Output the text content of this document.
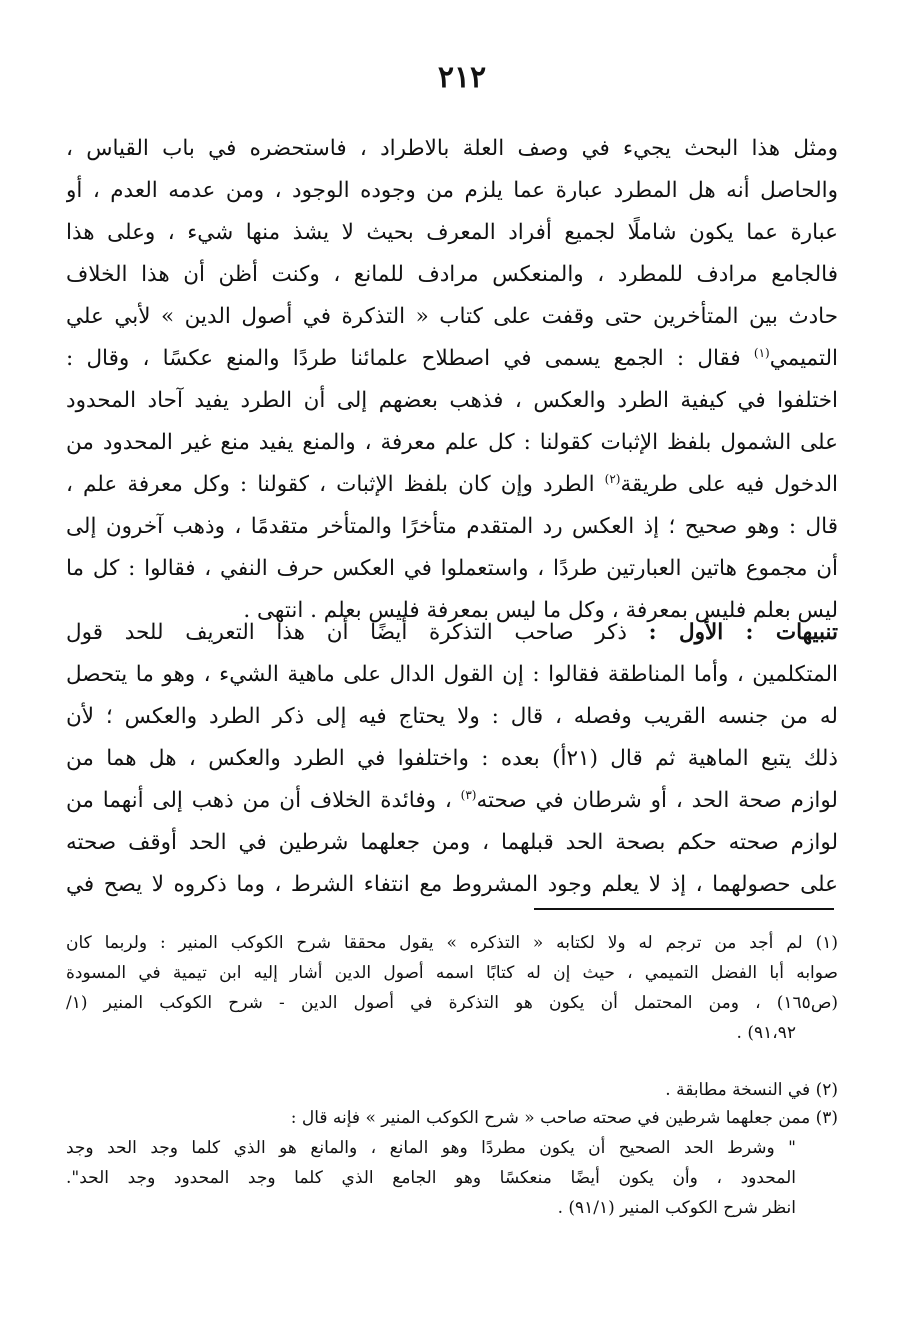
٢١٢
ومثل هذا البحث يجيء في وصف العلة بالاطراد ، فاستحضره في باب القياس ،
والحاصل أنه هل المطرد عبارة عما يلزم من وجوده الوجود ، ومن عدمه العدم ، أو
عبارة عما يكون شاملًا لجميع أفراد المعرف بحيث لا يشذ منها شيء ، وعلى هذا
فالجامع مرادف للمطرد ، والمنعكس مرادف للمانع ، وكنت أظن أن هذا الخلاف
حادث بين المتأخرين حتى وقفت على كتاب « التذكرة في أصول الدين » لأبي علي
التميمي$^{(١)}$ فقال : الجمع يسمى في اصطلاح علمائنا طردًا والمنع عكسًا ، وقال :
اختلفوا في كيفية الطرد والعكس ، فذهب بعضهم إلى أن الطرد يفيد آحاد المحدود
على الشمول بلفظ الإثبات كقولنا : كل علم معرفة ، والمنع يفيد منع غير المحدود من
الدخول فيه على طريقة$^{(٢)}$ الطرد وإن كان بلفظ الإثبات ، كقولنا : وكل معرفة علم ،
قال : وهو صحيح ؛ إذ العكس رد المتقدم متأخرًا والمتأخر متقدمًا ، وذهب آخرون إلى
أن مجموع هاتين العبارتين طردًا ، واستعملوا في العكس حرف النفي ، فقالوا : كل ما
ليس بعلم فليس بمعرفة ، وكل ما ليس بمعرفة فليس بعلم . انتهى .
تنبيهات : الأول : ذكر صاحب التذكرة أيضًا أن هذا التعريف للحد قول
المتكلمين ، وأما المناطقة فقالوا : إن القول الدال على ماهية الشيء ، وهو ما يتحصل
له من جنسه القريب وفصله ، قال : ولا يحتاج فيه إلى ذكر الطرد والعكس ؛ لأن
ذلك يتبع الماهية ثم قال (٢١أ) بعده : واختلفوا في الطرد والعكس ، هل هما من
لوازم صحة الحد ، أو شرطان في صحته$^{(٣)}$ ، وفائدة الخلاف أن من ذهب إلى أنهما من
لوازم صحته حكم بصحة الحد قبلهما ، ومن جعلهما شرطين في الحد أوقف صحته
على حصولهما ، إذ لا يعلم وجود المشروط مع انتفاء الشرط ، وما ذكروه لا يصح في
(١) لم أجد من ترجم له ولا لكتابه « التذكره » يقول محققا شرح الكوكب المنير : ولربما كان
صوابه أبا الفضل التميمي ، حيث إن له كتابًا اسمه أصول الدين أشار إليه ابن تيمية في المسودة
(ص١٦٥) ، ومن المحتمل أن يكون هو التذكرة في أصول الدين - شرح الكوكب المنير (١/
٩١،٩٢) .
(٢) في النسخة مطابقة .
(٣) ممن جعلهما شرطين في صحته صاحب « شرح الكوكب المنير » فإنه قال :
" وشرط الحد الصحيح أن يكون مطردًا وهو المانع ، والمانع هو الذي كلما وجد الحد وجد
المحدود ، وأن يكون أيضًا منعكسًا وهو الجامع الذي كلما وجد المحدود وجد الحد".
انظر شرح الكوكب المنير (٩١/١) .
